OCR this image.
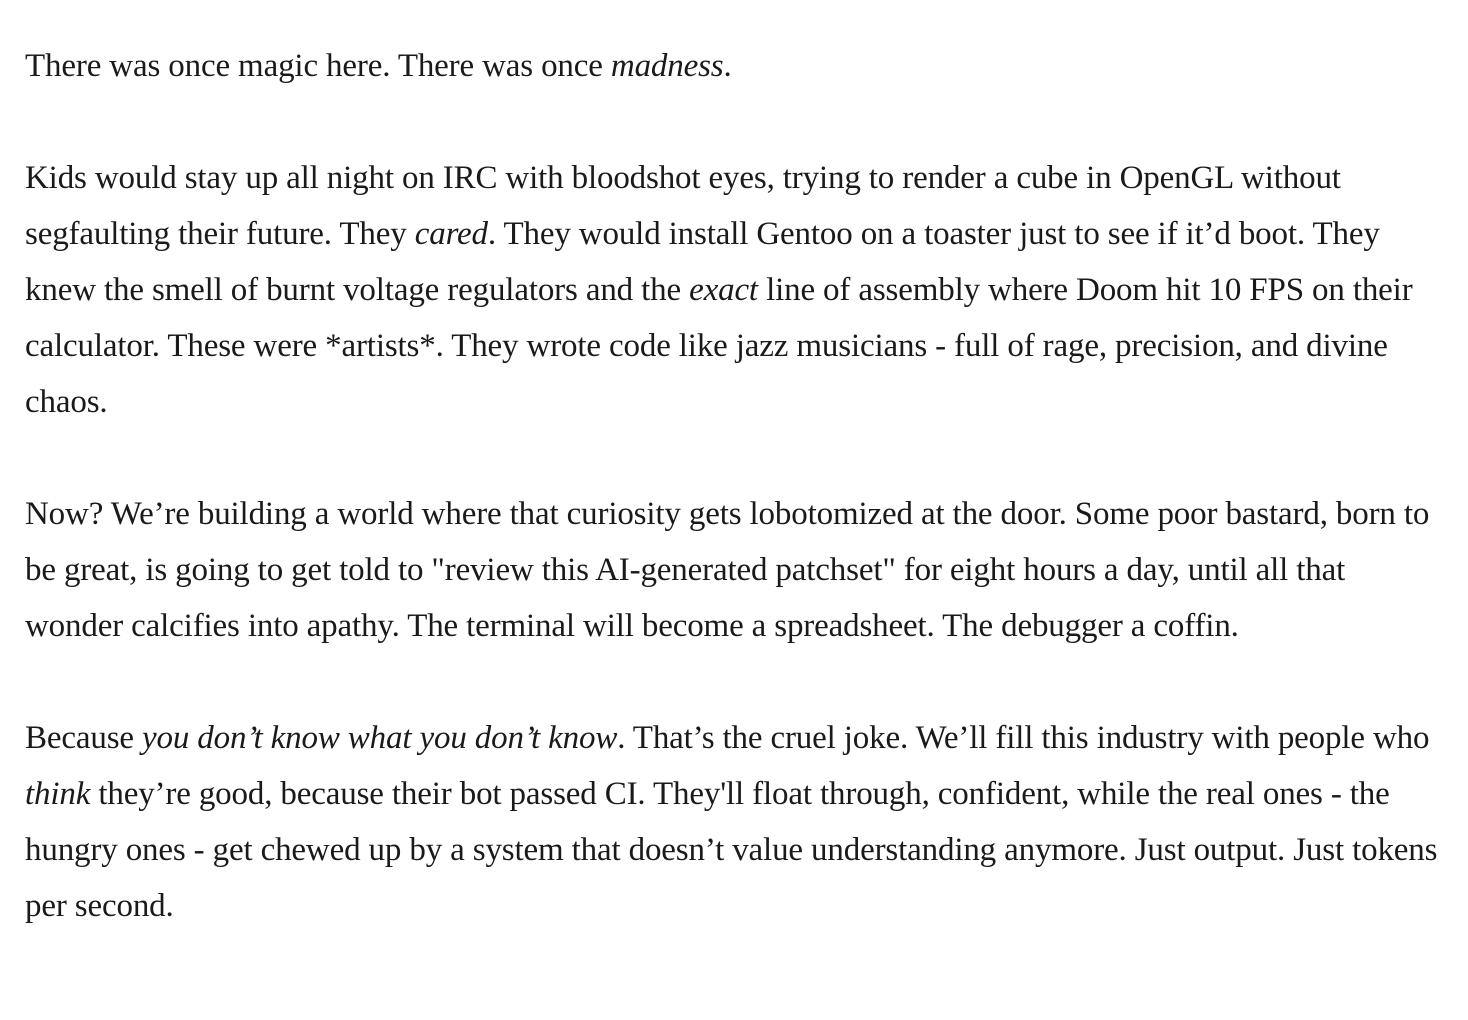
There was once magic here. There was once madness.

Kids would stay up all night on IRC with bloodshot eyes, trying to render a cube in OpenGL without segfaulting their future. They cared. They would install Gentoo on a toaster just to see if it’d boot. They knew the smell of burnt voltage regulators and the exact line of assembly where Doom hit 10 FPS on their calculator. These were *artists*. They wrote code like jazz musicians - full of rage, precision, and divine chaos.

Now? We’re building a world where that curiosity gets lobotomized at the door. Some poor bastard, born to be great, is going to get told to "review this AI-generated patchset" for eight hours a day, until all that wonder calcifies into apathy. The terminal will become a spreadsheet. The debugger a coffin.

Because you don’t know what you don’t know. That’s the cruel joke. We’ll fill this industry with people who think they’re good, because their bot passed CI. They'll float through, confident, while the real ones - the hungry ones - get chewed up by a system that doesn’t value understanding anymore. Just output. Just tokens per second.
